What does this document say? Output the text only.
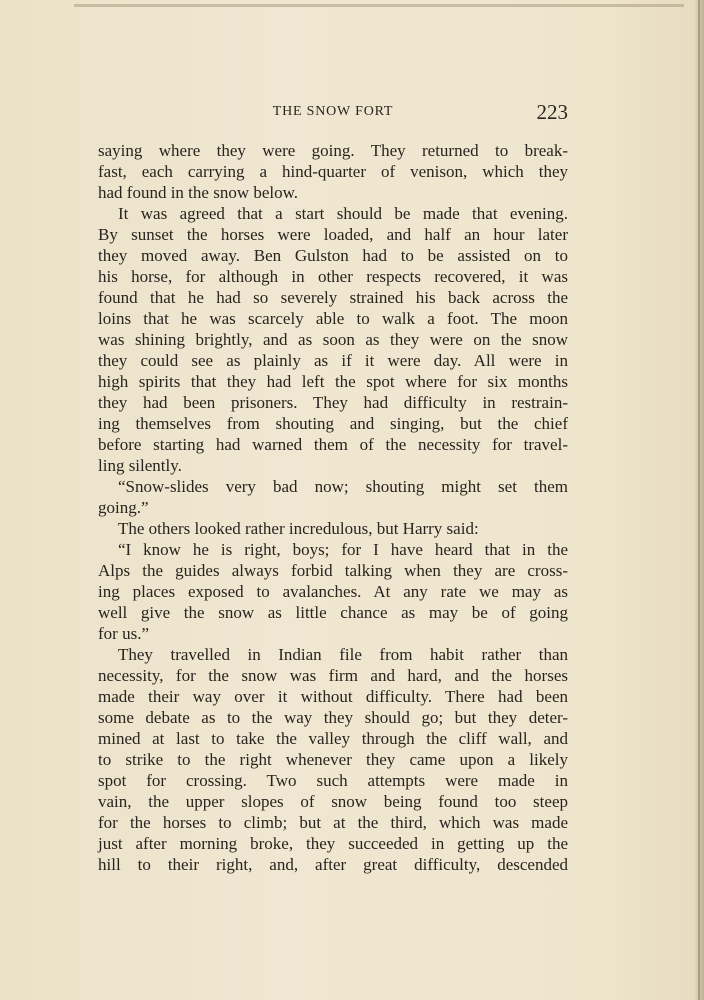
THE SNOW FORT	223
saying where they were going. They returned to break-
fast, each carrying a hind-quarter of venison, which they
had found in the snow below.
It was agreed that a start should be made that evening.
By sunset the horses were loaded, and half an hour later
they moved away. Ben Gulston had to be assisted on to
his horse, for although in other respects recovered, it was
found that he had so severely strained his back across the
loins that he was scarcely able to walk a foot. The moon
was shining brightly, and as soon as they were on the snow
they could see as plainly as if it were day. All were in
high spirits that they had left the spot where for six months
they had been prisoners. They had difficulty in restrain-
ing themselves from shouting and singing, but the chief
before starting had warned them of the necessity for travel-
ling silently.
“Snow-slides very bad now; shouting might set them
going.”
The others looked rather incredulous, but Harry said:
“I know he is right, boys; for I have heard that in the
Alps the guides always forbid talking when they are cross-
ing places exposed to avalanches. At any rate we may as
well give the snow as little chance as may be of going
for us.”
They travelled in Indian file from habit rather than
necessity, for the snow was firm and hard, and the horses
made their way over it without difficulty. There had been
some debate as to the way they should go; but they deter-
mined at last to take the valley through the cliff wall, and
to strike to the right whenever they came upon a likely
spot for crossing. Two such attempts were made in
vain, the upper slopes of snow being found too steep
for the horses to climb; but at the third, which was made
just after morning broke, they succeeded in getting up the
hill to their right, and, after great difficulty, descended
